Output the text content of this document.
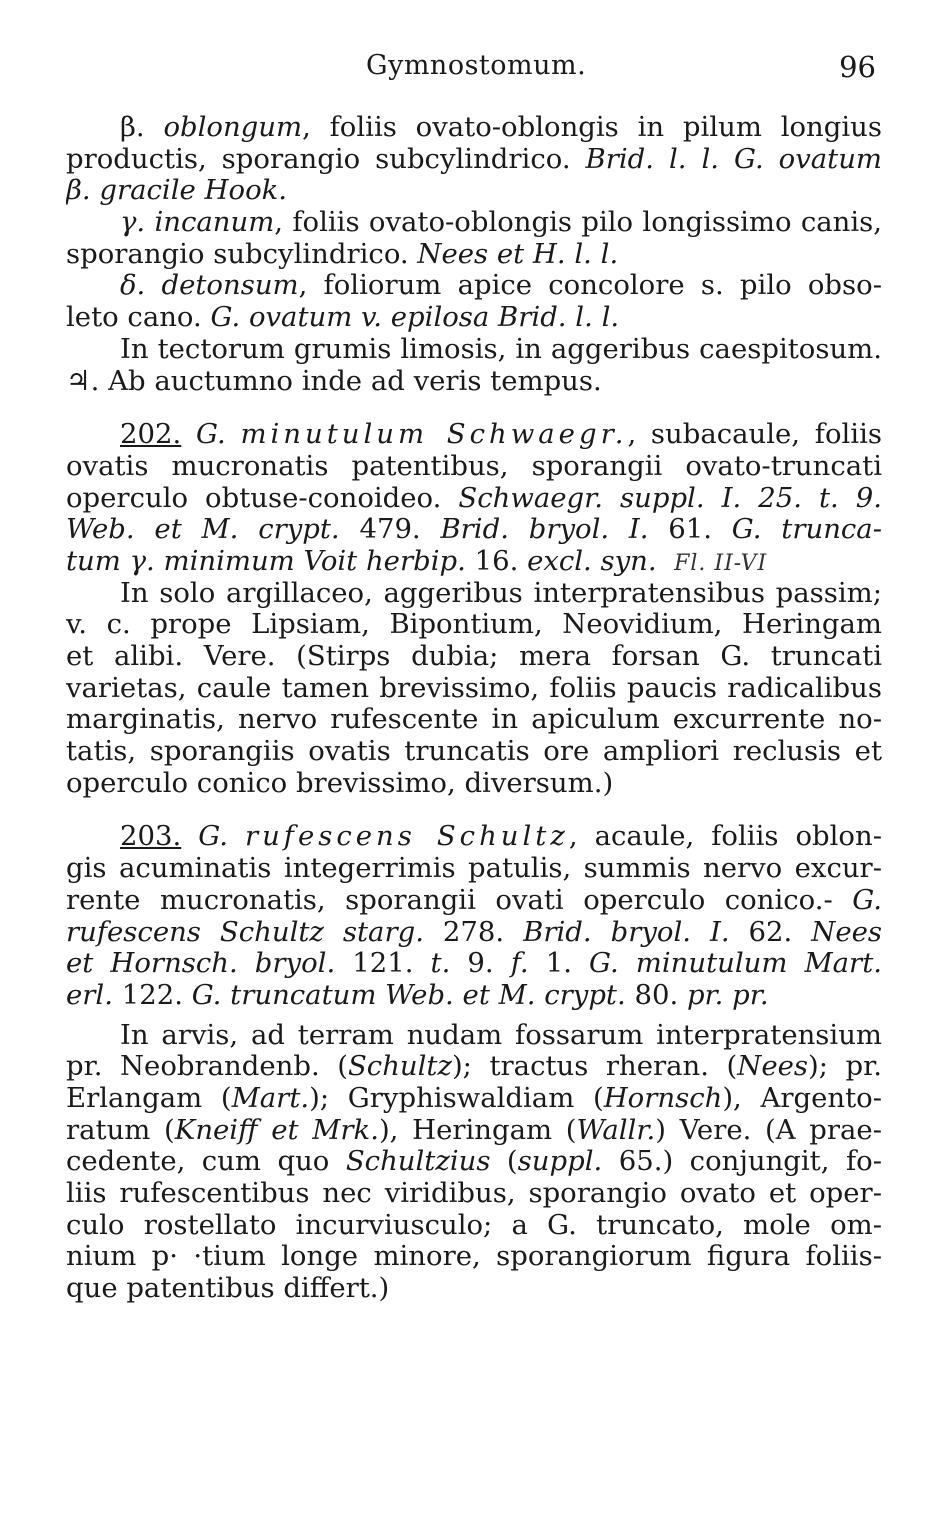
Gymnostomum.	96
β. oblongum, foliis ovato-oblongis in pilum longius
productis, sporangio subcylindrico. Brid. l. l. G. ovatum
β. gracile Hook.
γ. incanum, foliis ovato-oblongis pilo longissimo canis,
sporangio subcylindrico. Nees et H. l. l.
δ. detonsum, foliorum apice concolore s. pilo obso-
leto cano. G. ovatum v. epilosa Brid. l. l.
In tectorum grumis limosis, in aggeribus caespitosum.
♃. Ab auctumno inde ad veris tempus.
202. G. minutulum Schwaegr., subacaule, foliis
ovatis mucronatis patentibus, sporangii ovato-truncati
operculo obtuse-conoideo. Schwaegr. suppl. I. 25. t. 9.
Web. et M. crypt. 479. Brid. bryol. I. 61. G. trunca-
tum γ. minimum Voit herbip. 16. excl. syn. Fl. II-VI
In solo argillaceo, aggeribus interpratensibus passim;
v. c. prope Lipsiam, Bipontium, Neovidium, Heringam
et alibi. Vere. (Stirps dubia; mera forsan G. truncati
varietas, caule tamen brevissimo, foliis paucis radicalibus
marginatis, nervo rufescente in apiculum excurrente no-
tatis, sporangiis ovatis truncatis ore ampliori reclusis et
operculo conico brevissimo, diversum.)
203. G. rufescens Schultz, acaule, foliis oblon-
gis acuminatis integerrimis patulis, summis nervo excur-
rente mucronatis, sporangii ovati operculo conico.- G.
rufescens Schultz starg. 278. Brid. bryol. I. 62. Nees
et Hornsch. bryol. 121. t. 9. f. 1. G. minutulum Mart.
erl. 122. G. truncatum Web. et M. crypt. 80. pr. pr.
In arvis, ad terram nudam fossarum interpratensium
pr. Neobrandenb. (Schultz); tractus rheran. (Nees); pr.
Erlangam (Mart.); Gryphiswaldiam (Hornsch), Argento-
ratum (Kneiff et Mrk.), Heringam (Wallr.) Vere. (A prae-
cedente, cum quo Schultzius (suppl. 65.) conjungit, fo-
liis rufescentibus nec viridibus, sporangio ovato et oper-
culo rostellato incurviusculo; a G. truncato, mole om-
nium p· ·tium longe minore, sporangiorum figura foliis-
que patentibus differt.)
